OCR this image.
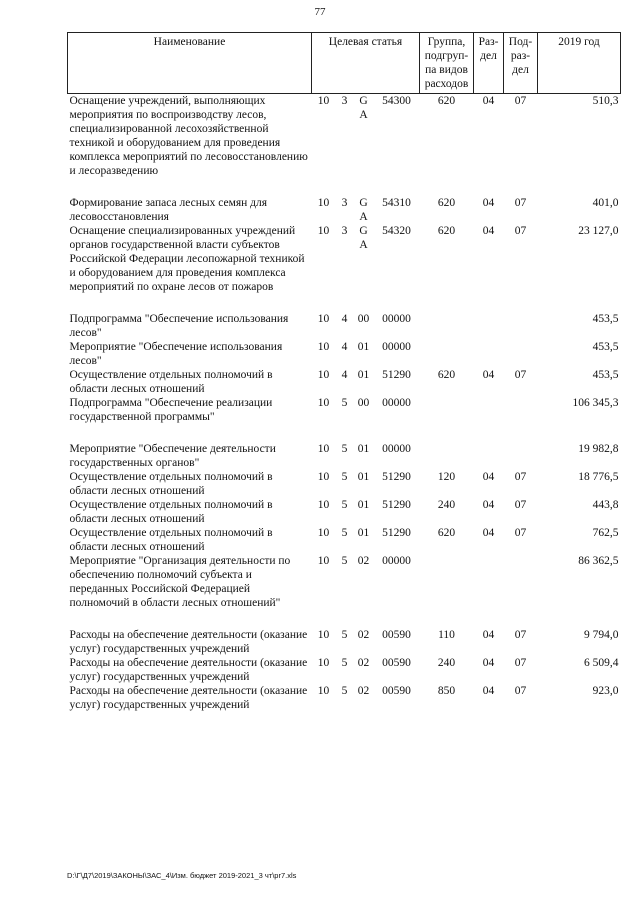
77
Наименование	Целевая статья				Группа, подгруп-па видов расходов	Раз-дел	Под-раз-дел	2019 год
Оснащение учреждений, выполняющих мероприятия по воспроизводству лесов, специализированной лесохозяйственной техникой и оборудованием для проведения комплекса мероприятий по лесовосстановлению и лесоразведению	10	3	G A	54300	620	04	07	510,3
Формирование запаса лесных семян для лесовосстановления	10	3	G A	54310	620	04	07	401,0
Оснащение специализированных учреждений органов государственной власти субъектов Российской Федерации лесопожарной техникой и оборудованием для проведения комплекса мероприятий по охране лесов от пожаров	10	3	G A	54320	620	04	07	23 127,0
Подпрограмма "Обеспечение использования лесов"	10	4	00	00000				453,5
Мероприятие "Обеспечение использования лесов"	10	4	01	00000				453,5
Осуществление отдельных полномочий в области лесных отношений	10	4	01	51290	620	04	07	453,5
Подпрограмма "Обеспечение реализации государственной программы"	10	5	00	00000				106 345,3
Мероприятие "Обеспечение деятельности государственных органов"	10	5	01	00000				19 982,8
Осуществление отдельных полномочий в области лесных отношений	10	5	01	51290	120	04	07	18 776,5
Осуществление отдельных полномочий в области лесных отношений	10	5	01	51290	240	04	07	443,8
Осуществление отдельных полномочий в области лесных отношений	10	5	01	51290	620	04	07	762,5
Мероприятие "Организация деятельности по обеспечению полномочий субъекта и переданных Российской Федерацией полномочий в области лесных отношений"	10	5	02	00000				86 362,5
Расходы на обеспечение деятельности (оказание услуг) государственных учреждений	10	5	02	00590	110	04	07	9 794,0
Расходы на обеспечение деятельности (оказание услуг) государственных учреждений	10	5	02	00590	240	04	07	6 509,4
Расходы на обеспечение деятельности (оказание услуг) государственных учреждений	10	5	02	00590	850	04	07	923,0
D:\Г\Д7\2019\ЗАКОНЫ\ЗАС_4\Изм. бюджет 2019-2021_3 чт\pr7.xls
